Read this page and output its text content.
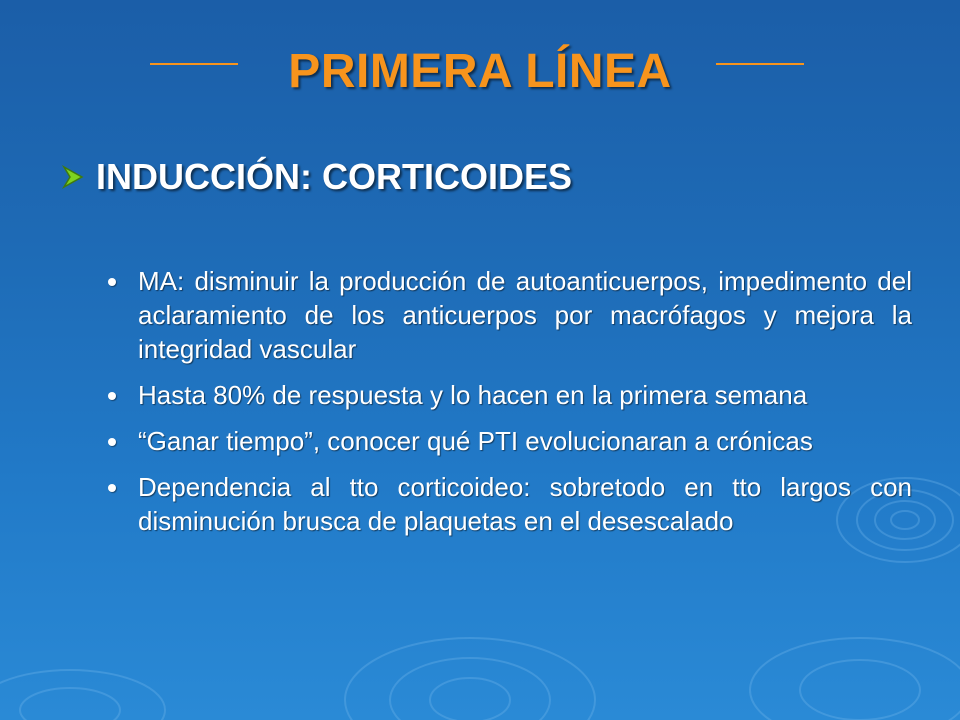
PRIMERA LÍNEA
INDUCCIÓN: CORTICOIDES
MA: disminuir la producción de autoanticuerpos, impedimento del aclaramiento de los anticuerpos por macrófagos y mejora la integridad vascular
Hasta 80% de respuesta y lo hacen en la primera semana
“Ganar tiempo”, conocer qué PTI evolucionaran a crónicas
Dependencia al tto corticoideo: sobretodo en tto largos con disminución brusca de plaquetas en el desescalado
